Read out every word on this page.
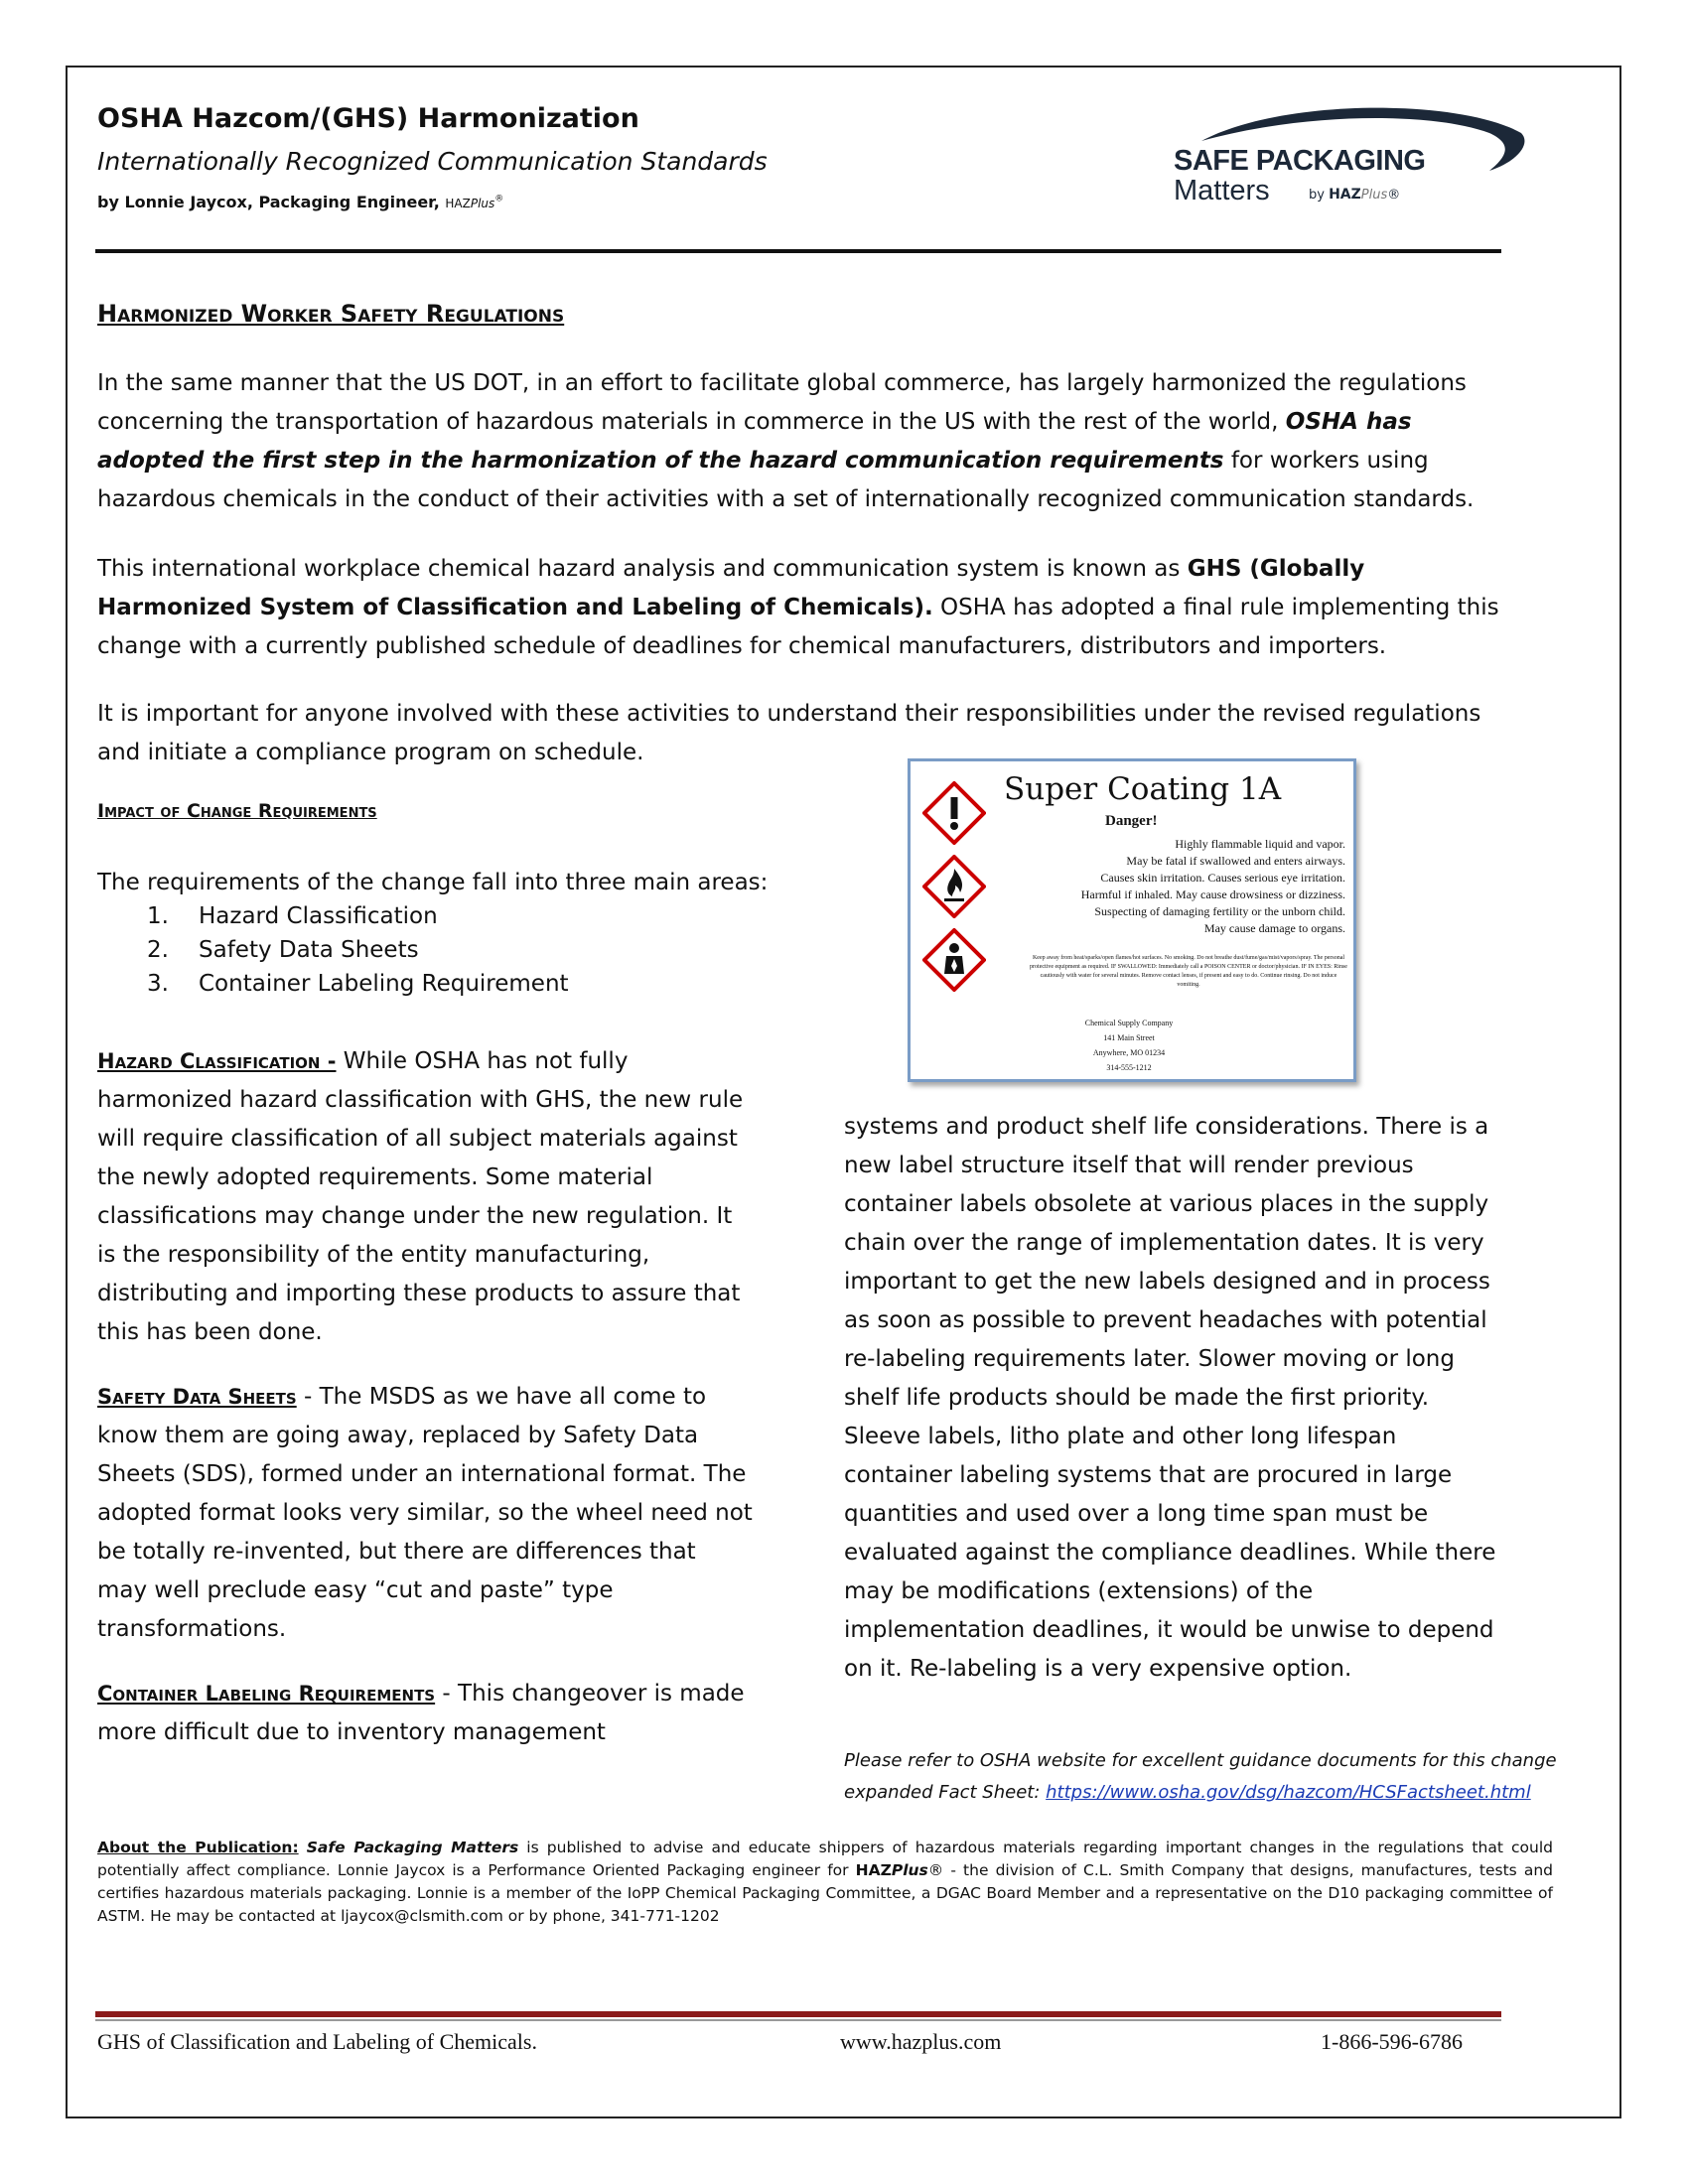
OSHA Hazcom/(GHS) Harmonization
Internationally Recognized Communication Standards
by Lonnie Jaycox, Packaging Engineer, HAZPlus®
SAFE PACKAGING
Matters	by HAZPlus®
Harmonized Worker Safety Regulations

In the same manner that the US DOT, in an effort to facilitate global commerce, has largely harmonized the regulations concerning the transportation of hazardous materials in commerce in the US with the rest of the world, OSHA has adopted the first step in the harmonization of the hazard communication requirements for workers using hazardous chemicals in the conduct of their activities with a set of internationally recognized communication standards.

This international workplace chemical hazard analysis and communication system is known as GHS (Globally Harmonized System of Classification and Labeling of Chemicals). OSHA has adopted a final rule implementing this change with a currently published schedule of deadlines for chemical manufacturers, distributors and importers.

It is important for anyone involved with these activities to understand their responsibilities under the revised regulations and initiate a compliance program on schedule.

Impact of Change Requirements

The requirements of the change fall into three main areas:

1. Hazard Classification
2. Safety Data Sheets
3. Container Labeling Requirement

Hazard Classification - While OSHA has not fully harmonized hazard classification with GHS, the new rule will require classification of all subject materials against the newly adopted requirements. Some material classifications may change under the new regulation. It is the responsibility of the entity manufacturing, distributing and importing these products to assure that this has been done.

Safety Data Sheets - The MSDS as we have all come to know them are going away, replaced by Safety Data Sheets (SDS), formed under an international format. The adopted format looks very similar, so the wheel need not be totally re-invented, but there are differences that may well preclude easy “cut and paste” type transformations.

Container Labeling Requirements - This changeover is made more difficult due to inventory management

Super Coating 1A
Danger!
Highly flammable liquid and vapor.
May be fatal if swallowed and enters airways.
Causes skin irritation. Causes serious eye irritation.
Harmful if inhaled. May cause drowsiness or dizziness.
Suspecting of damaging fertility or the unborn child.
May cause damage to organs.
Keep away from heat/sparks/open flames/hot surfaces. No smoking. Do not breathe dust/fume/gas/mist/vapors/spray. The personal protective equipment as required. IF SWALLOWED: Immediately call a POISON CENTER or doctor/physician. IF IN EYES: Rinse cautiously with water for several minutes. Remove contact lenses, if present and easy to do. Continue rinsing. Do not induce vomiting.
Chemical Supply Company
141 Main Street
Anywhere, MO 01234
314-555-1212

systems and product shelf life considerations. There is a new label structure itself that will render previous container labels obsolete at various places in the supply chain over the range of implementation dates. It is very important to get the new labels designed and in process as soon as possible to prevent headaches with potential re-labeling requirements later. Slower moving or long shelf life products should be made the first priority. Sleeve labels, litho plate and other long lifespan container labeling systems that are procured in large quantities and used over a long time span must be evaluated against the compliance deadlines. While there may be modifications (extensions) of the implementation deadlines, it would be unwise to depend on it. Re-labeling is a very expensive option.

Please refer to OSHA website for excellent guidance documents for this change expanded Fact Sheet: https://www.osha.gov/dsg/hazcom/HCSFactsheet.html
About the Publication: Safe Packaging Matters is published to advise and educate shippers of hazardous materials regarding important changes in the regulations that could potentially affect compliance. Lonnie Jaycox is a Performance Oriented Packaging engineer for HAZPlus® - the division of C.L. Smith Company that designs, manufactures, tests and certifies hazardous materials packaging. Lonnie is a member of the IoPP Chemical Packaging Committee, a DGAC Board Member and a representative on the D10 packaging committee of ASTM. He may be contacted at ljaycox@clsmith.com or by phone, 341-771-1202
GHS of Classification and Labeling of Chemicals.	www.hazplus.com	1-866-596-6786
